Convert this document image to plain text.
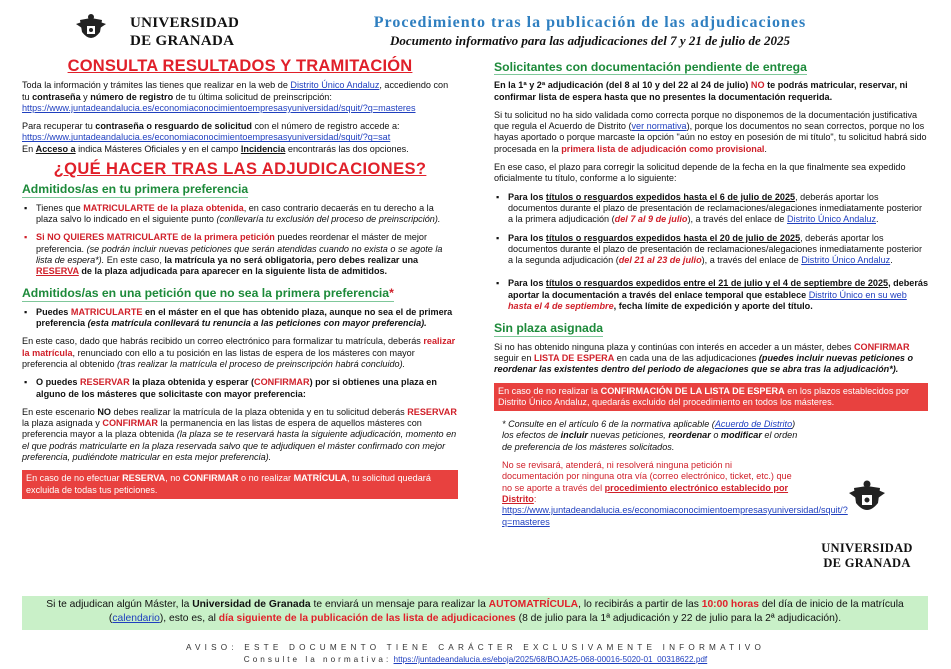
UNIVERSIDAD
DE GRANADA
Procedimiento tras la publicación de las adjudicaciones
Documento informativo para las adjudicaciones del 7 y 21 de julio de 2025
CONSULTA RESULTADOS Y TRAMITACIÓN

Toda la información y trámites las tienes que realizar en la web de Distrito Único Andaluz, accediendo con tu contraseña y número de registro de tu última solicitud de preinscripción:
https://www.juntadeandalucia.es/economiaconocimientoempresasyuniversidad/squit/?q=masteres

Para recuperar tu contraseña o resguardo de solicitud con el número de registro accede a:
https://www.juntadeandalucia.es/economiaconocimientoempresasyuniversidad/squit/?q=sat
En Acceso a indica Másteres Oficiales y en el campo Incidencia encontrarás las dos opciones.

¿QUÉ HACER TRAS LAS ADJUDICACIONES?
Admitidos/as en tu primera preferencia
▪ Tienes que MATRICULARTE de la plaza obtenida, en caso contrario decaerás en tu derecho a la plaza salvo lo indicado en el siguiente punto (conllevaría tu exclusión del proceso de preinscripción).
▪ Si NO QUIERES MATRICULARTE de la primera petición puedes reordenar el máster de mejor preferencia. (se podrán incluir nuevas peticiones que serán atendidas cuando no exista o se agote la lista de espera*). En este caso, la matrícula ya no será obligatoria, pero debes realizar una RESERVA de la plaza adjudicada para aparecer en la siguiente lista de admitidos.
Admitidos/as en una petición que no sea la primera preferencia*
▪ Puedes MATRICULARTE en el máster en el que has obtenido plaza, aunque no sea el de primera preferencia (esta matrícula conllevará tu renuncia a las peticiones con mayor preferencia).

En este caso, dado que habrás recibido un correo electrónico para formalizar tu matrícula, deberás realizar la matrícula, renunciado con ello a tu posición en las listas de espera de los másteres con mayor preferencia al obtenido (tras realizar la matrícula el proceso de preinscripción habrá concluido).

▪ O puedes RESERVAR la plaza obtenida y esperar (CONFIRMAR) por si obtienes una plaza en alguno de los másteres que solicitaste con mayor preferencia:

En este escenario NO debes realizar la matrícula de la plaza obtenida y en tu solicitud deberás RESERVAR la plaza asignada y CONFIRMAR la permanencia en las listas de espera de aquellos másteres con preferencia mayor a la plaza obtenida (la plaza se te reservará hasta la siguiente adjudicación, momento en el que podrás matricularte en la plaza reservada salvo que te adjudiquen el máster confirmado con mejor preferencia, pudiéndote matricular en esta mejor preferencia).

En caso de no efectuar RESERVA, no CONFIRMAR o no realizar MATRÍCULA, tu solicitud quedará excluida de todas tus peticiones.
Solicitantes con documentación pendiente de entrega

En la 1ª y 2ª adjudicación (del 8 al 10 y del 22 al 24 de julio) NO te podrás matricular, reservar, ni confirmar lista de espera hasta que no presentes la documentación requerida.

Si tu solicitud no ha sido validada como correcta porque no disponemos de la documentación justificativa que regula el Acuerdo de Distrito (ver normativa), porque los documentos no sean correctos, porque no los hayas aportado o porque marcaste la opción "aún no estoy en posesión de mi título", tu solicitud habrá sido procesada en la primera lista de adjudicación como provisional.

En ese caso, el plazo para corregir la solicitud depende de la fecha en la que finalmente sea expedido oficialmente tu título, conforme a lo siguiente:

▪ Para los títulos o resguardos expedidos hasta el 6 de julio de 2025, deberás aportar los documentos durante el plazo de presentación de reclamaciones/alegaciones inmediatamente posterior a la primera adjudicación (del 7 al 9 de julio), a través del enlace de Distrito Único Andaluz.
▪ Para los títulos o resguardos expedidos hasta el 20 de julio de 2025, deberás aportar los documentos durante el plazo de presentación de reclamaciones/alegaciones inmediatamente posterior a la segunda adjudicación (del 21 al 23 de julio), a través del enlace de Distrito Único Andaluz.
▪ Para los títulos o resguardos expedidos entre el 21 de julio y el 4 de septiembre de 2025, deberás aportar la documentación a través del enlace temporal que establece Distrito Único en su web hasta el 4 de septiembre, fecha límite de expedición y aporte del título.
Sin plaza asignada

Si no has obtenido ninguna plaza y continúas con interés en acceder a un máster, debes CONFIRMAR seguir en LISTA DE ESPERA en cada una de las adjudicaciones (puedes incluir nuevas peticiones o reordenar las existentes dentro del periodo de alegaciones que se abra tras la adjudicación*).

En caso de no realizar la CONFIRMACIÓN DE LA LISTA DE ESPERA en los plazos establecidos por Distrito Único Andaluz, quedarás excluido del procedimiento en todos los másteres.

* Consulte en el artículo 6 de la normativa aplicable (Acuerdo de Distrito) los efectos de incluir nuevas peticiones, reordenar o modificar el orden de preferencia de los másteres solicitados.

No se revisará, atenderá, ni resolverá ninguna petición ni documentación por ninguna otra vía (correo electrónico, ticket, etc.) que no se aporte a través del procedimiento electrónico establecido por Distrito:
https://www.juntadeandalucia.es/economiaconocimientoempresasyuniversidad/squit/?q=masteres

UNIVERSIDAD
DE GRANADA
Si te adjudican algún Máster, la Universidad de Granada te enviará un mensaje para realizar la AUTOMATRÍCULA, lo recibirás a partir de las 10:00 horas del día de inicio de la matrícula (calendario), esto es, al día siguiente de la publicación de las lista de adjudicaciones (8 de julio para la 1ª adjudicación y 22 de julio para la 2ª adjudicación).
AVISO: ESTE DOCUMENTO TIENE CARÁCTER EXCLUSIVAMENTE INFORMATIVO
Consulte la normativa: https://juntadeandalucia.es/eboja/2025/68/BOJA25-068-00016-5020-01_00318622.pdf
